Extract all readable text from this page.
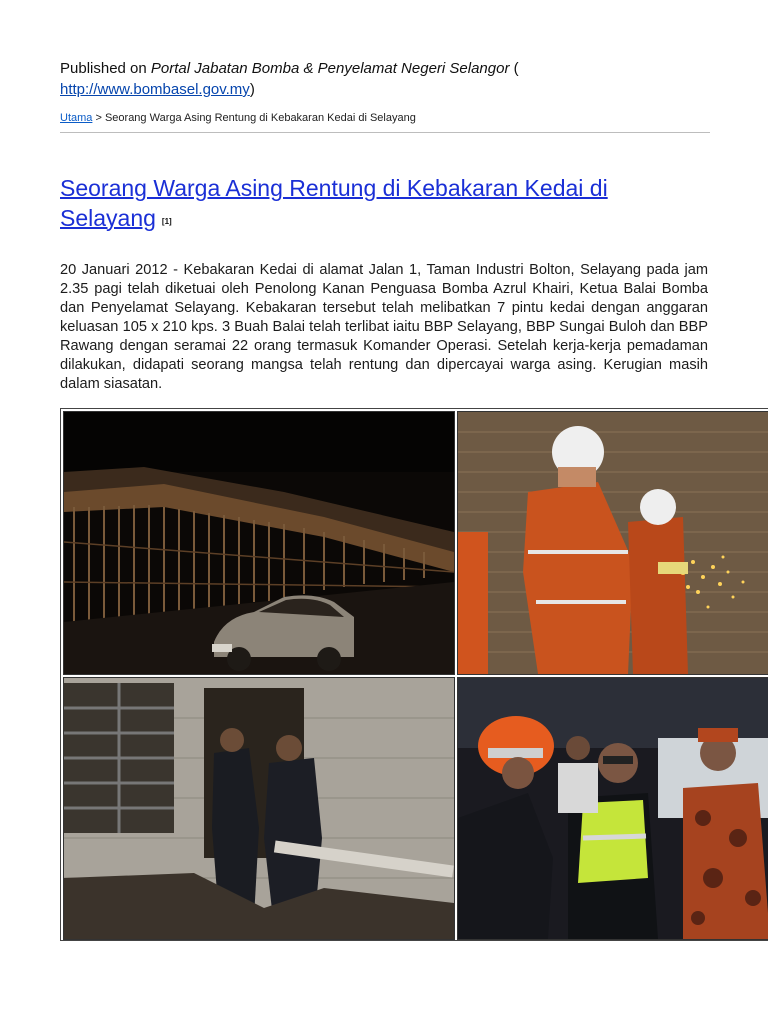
Published on Portal Jabatan Bomba & Penyelamat Negeri Selangor (
http://www.bombasel.gov.my)
Utama > Seorang Warga Asing Rentung di Kebakaran Kedai di Selayang
Seorang Warga Asing Rentung di Kebakaran Kedai di Selayang [1]

20 Januari 2012 - Kebakaran Kedai di alamat Jalan 1, Taman Industri Bolton, Selayang pada jam 2.35 pagi telah diketuai oleh Penolong Kanan Penguasa Bomba Azrul Khairi, Ketua Balai Bomba dan Penyelamat Selayang. Kebakaran tersebut telah melibatkan 7 pintu kedai dengan anggaran keluasan 105 x 210 kps. 3 Buah Balai telah terlibat iaitu BBP Selayang, BBP Sungai Buloh dan BBP Rawang dengan seramai 22 orang termasuk Komander Operasi. Setelah kerja-kerja pemadaman dilakukan, didapati seorang mangsa telah rentung dan dipercayai warga asing. Kerugian masih dalam siasatan.
